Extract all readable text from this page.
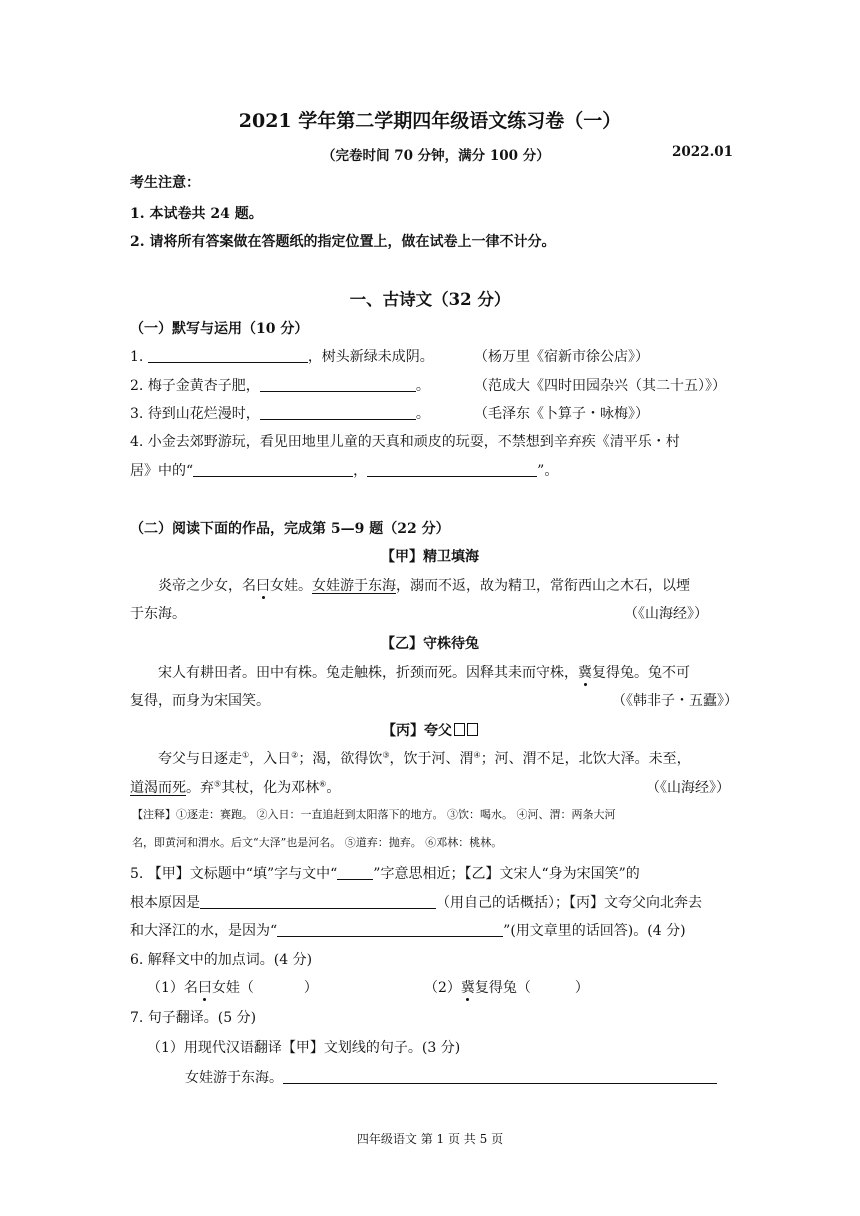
2021 学年第二学期四年级语文练习卷（一）
（完卷时间 70 分钟，满分 100 分）	2022.01
考生注意：
1. 本试卷共 24 题。
2. 请将所有答案做在答题纸的指定位置上，做在试卷上一律不计分。
一、古诗文（32 分）
（一）默写与运用（10 分）
1.	，树头新绿未成阴。	（杨万里《宿新市徐公店》）
2. 梅子金黄杏子肥，	。	（范成大《四时田园杂兴（其二十五）》）
3. 待到山花烂漫时，	。	（毛泽东《卜算子・咏梅》）
4. 小金去郊野游玩，看见田地里儿童的天真和顽皮的玩耍，不禁想到辛弃疾《清平乐・村
居》中的“	，	”。
（二）阅读下面的作品，完成第 5—9 题（22 分）
【甲】精卫填海
炎帝之少女，名曰女娃。女娃游于东海，溺而不返，故为精卫，常衔西山之木石，以堙
于东海。	（《山海经》）
【乙】守株待兔
宋人有耕田者。田中有株。兔走触株，折颈而死。因释其耒而守株，冀复得兔。兔不可
复得，而身为宋国笑。	（《韩非子・五蠹》）
【丙】夸父
夸父与日逐走①，入日②；渴，欲得饮③，饮于河、渭④；河、渭不足，北饮大泽。未至，
道渴而死。弃⑤其杖，化为邓林⑥。	（《山海经》）
【注释】①逐走：赛跑。 ②入日：一直追赶到太阳落下的地方。 ③饮：喝水。 ④河、渭：两条大河
名，即黄河和渭水。后文“大泽”也是河名。 ⑤道弃：抛弃。 ⑥邓林：桃林。
5. 【甲】文标题中“填”字与文中“	”字意思相近；【乙】文宋人“身为宋国笑”的
根本原因是	（用自己的话概括）；【丙】文夸父向北奔去
和大泽江的水，是因为“	”(用文章里的话回答)。(4 分)
6. 解释文中的加点词。(4 分)
（1）名曰女娃（	）	（2）冀复得兔（	）
7. 句子翻译。(5 分)
（1）用现代汉语翻译【甲】文划线的句子。(3 分)
女娃游于东海。
四年级语文 第 1 页 共 5 页
